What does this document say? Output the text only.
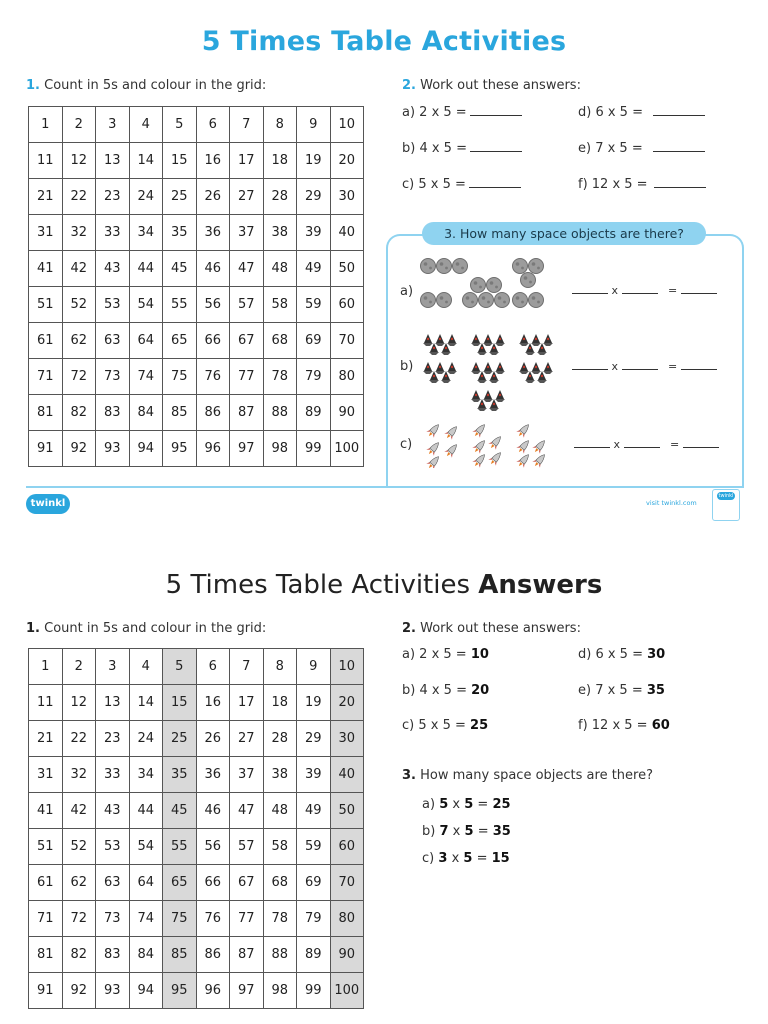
5 Times Table Activities
1. Count in 5s and colour in the grid:
1	2	3	4	5	6	7	8	9	10
11	12	13	14	15	16	17	18	19	20
21	22	23	24	25	26	27	28	29	30
31	32	33	34	35	36	37	38	39	40
41	42	43	44	45	46	47	48	49	50
51	52	53	54	55	56	57	58	59	60
61	62	63	64	65	66	67	68	69	70
71	72	73	74	75	76	77	78	79	80
81	82	83	84	85	86	87	88	89	90
91	92	93	94	95	96	97	98	99	100
2. Work out these answers:
a) 2 x 5 =
b) 4 x 5 =
c) 5 x 5 =
d) 6 x 5 =
e) 7 x 5 =
f) 12 x 5 =
3. How many space objects are there?
a)
b)
c)
x	=
x	=
x	=
twinkl	visit twinkl.com
twinkl
5 Times Table Activities Answers
1. Count in 5s and colour in the grid:
1	2	3	4	5	6	7	8	9	10
11	12	13	14	15	16	17	18	19	20
21	22	23	24	25	26	27	28	29	30
31	32	33	34	35	36	37	38	39	40
41	42	43	44	45	46	47	48	49	50
51	52	53	54	55	56	57	58	59	60
61	62	63	64	65	66	67	68	69	70
71	72	73	74	75	76	77	78	79	80
81	82	83	84	85	86	87	88	89	90
91	92	93	94	95	96	97	98	99	100
2. Work out these answers:
a) 2 x 5 = 10
b) 4 x 5 = 20
c) 5 x 5 = 25
d) 6 x 5 = 30
e) 7 x 5 = 35
f) 12 x 5 = 60
3. How many space objects are there?
a) 5 x 5 = 25
b) 7 x 5 = 35
c) 3 x 5 = 15
